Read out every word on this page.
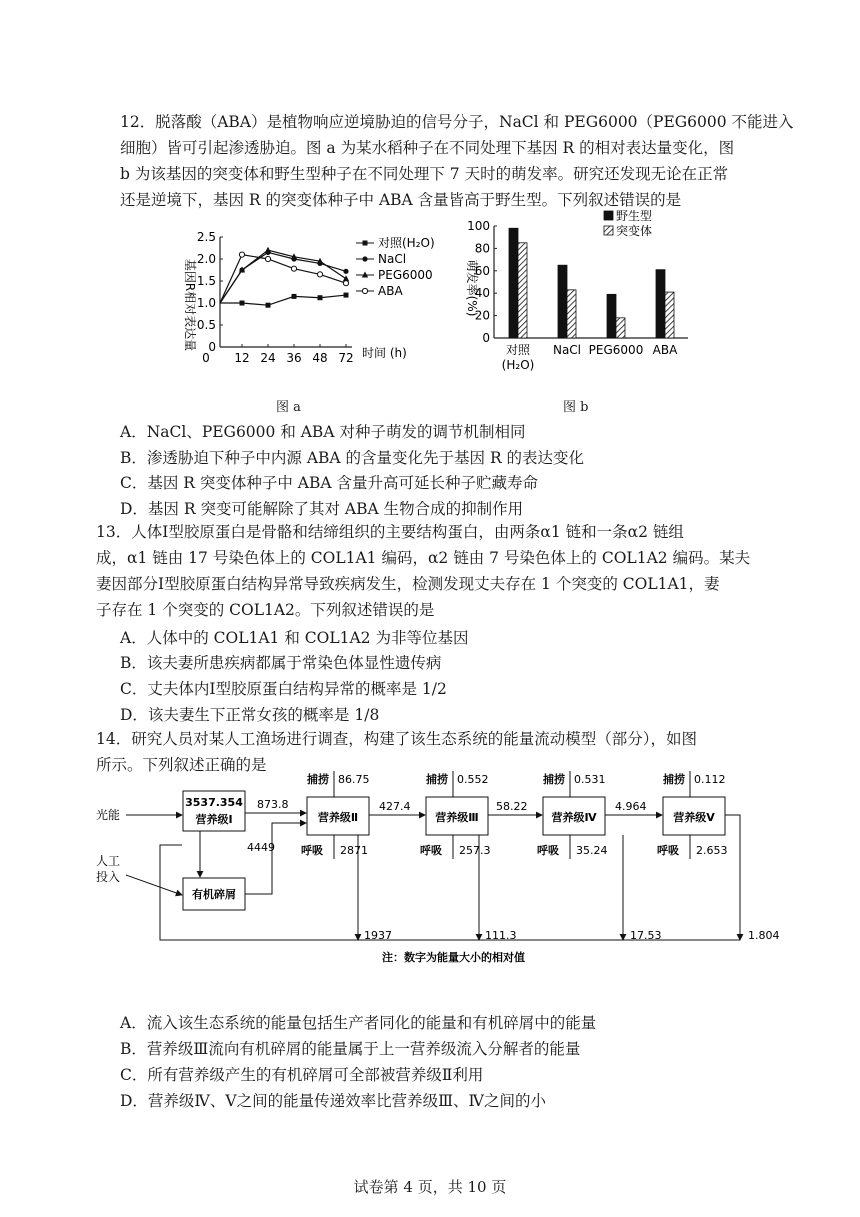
12．脱落酸（ABA）是植物响应逆境胁迫的信号分子，NaCl 和 PEG6000（PEG6000 不能进入
细胞）皆可引起渗透胁迫。图 a 为某水稻种子在不同处理下基因 R 的相对表达量变化，图
b 为该基因的突变体和野生型种子在不同处理下 7 天时的萌发率。研究还发现无论在正常
还是逆境下，基因 R 的突变体种子中 ABA 含量皆高于野生型。下列叙述错误的是
基因R相对表达量 0
0.5
1.0
1.5
2.0
2.5
0 12 24 36 48 72 时间 (h)
对照(H₂O)
NaCl
PEG6000
ABA	萌发率(%)
0
20
40
60
80
100
对照 NaCl PEG6000 ABA
(H₂O)
野生型
突变体
图 a	图 b
A．NaCl、PEG6000 和 ABA 对种子萌发的调节机制相同
B．渗透胁迫下种子中内源 ABA 的含量变化先于基因 R 的表达变化
C．基因 R 突变体种子中 ABA 含量升高可延长种子贮藏寿命
D．基因 R 突变可能解除了其对 ABA 生物合成的抑制作用
13．人体Ⅰ型胶原蛋白是骨骼和结缔组织的主要结构蛋白，由两条α1 链和一条α2 链组
成，α1 链由 17 号染色体上的 COL1A1 编码，α2 链由 7 号染色体上的 COL1A2 编码。某夫
妻因部分Ⅰ型胶原蛋白结构异常导致疾病发生，检测发现丈夫存在 1 个突变的 COL1A1，妻
子存在 1 个突变的 COL1A2。下列叙述错误的是
A．人体中的 COL1A1 和 COL1A2 为非等位基因
B．该夫妻所患疾病都属于常染色体显性遗传病
C．丈夫体内Ⅰ型胶原蛋白结构异常的概率是 1/2
D．该夫妻生下正常女孩的概率是 1/8
14．研究人员对某人工渔场进行调查，构建了该生态系统的能量流动模型（部分），如图
所示。下列叙述正确的是
光能
3537.354
营养级Ⅰ
873.8
人工
投入
有机碎屑
4449
营养级Ⅱ
捕捞 86.75
呼吸 2871
1937
427.4
营养级Ⅲ
捕捞 0.552
呼吸 257.3
111.3
58.22
营养级Ⅳ
捕捞 0.531
呼吸 35.24
17.53
4.964
营养级Ⅴ
捕捞 0.112
呼吸 2.653
1.804
注：数字为能量大小的相对值
A．流入该生态系统的能量包括生产者同化的能量和有机碎屑中的能量
B．营养级Ⅲ流向有机碎屑的能量属于上一营养级流入分解者的能量
C．所有营养级产生的有机碎屑可全部被营养级Ⅱ利用
D．营养级Ⅳ、Ⅴ之间的能量传递效率比营养级Ⅲ、Ⅳ之间的小
试卷第 4 页，共 10 页
